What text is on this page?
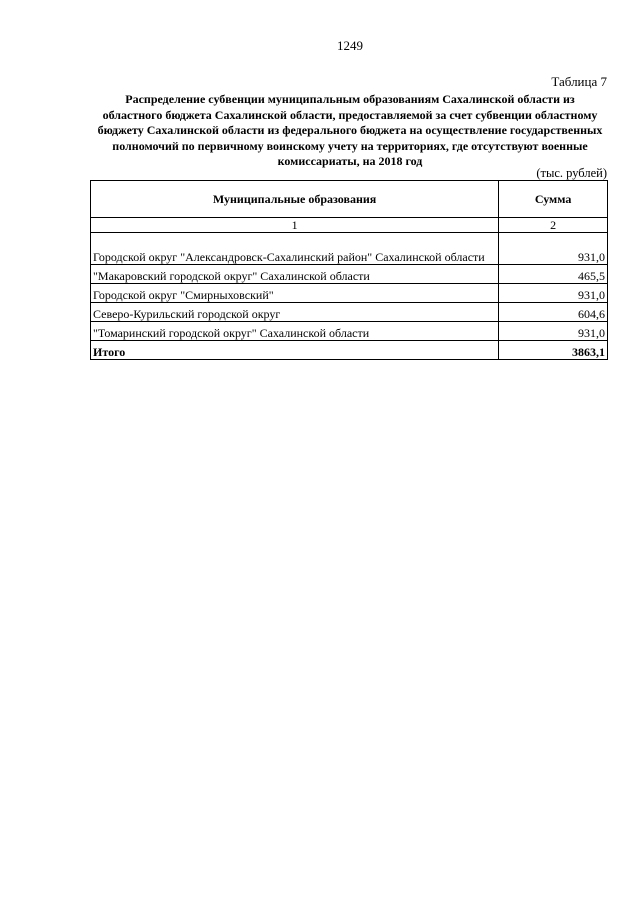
1249
Таблица 7
Распределение субвенции муниципальным образованиям Сахалинской области из областного бюджета Сахалинской области, предоставляемой за счет субвенции областному бюджету Сахалинской области из федерального бюджета на осуществление государственных полномочий по первичному воинскому учету на территориях, где отсутствуют военные комиссариаты, на 2018 год
(тыс. рублей)
Муниципальные образования	Сумма
1	2
Городской округ "Александровск-Сахалинский район" Сахалинской области	931,0
"Макаровский городской округ" Сахалинской области	465,5
Городской округ "Смирныховский"	931,0
Северо-Курильский городской округ	604,6
"Томаринский городской округ" Сахалинской области	931,0
Итого	3863,1
